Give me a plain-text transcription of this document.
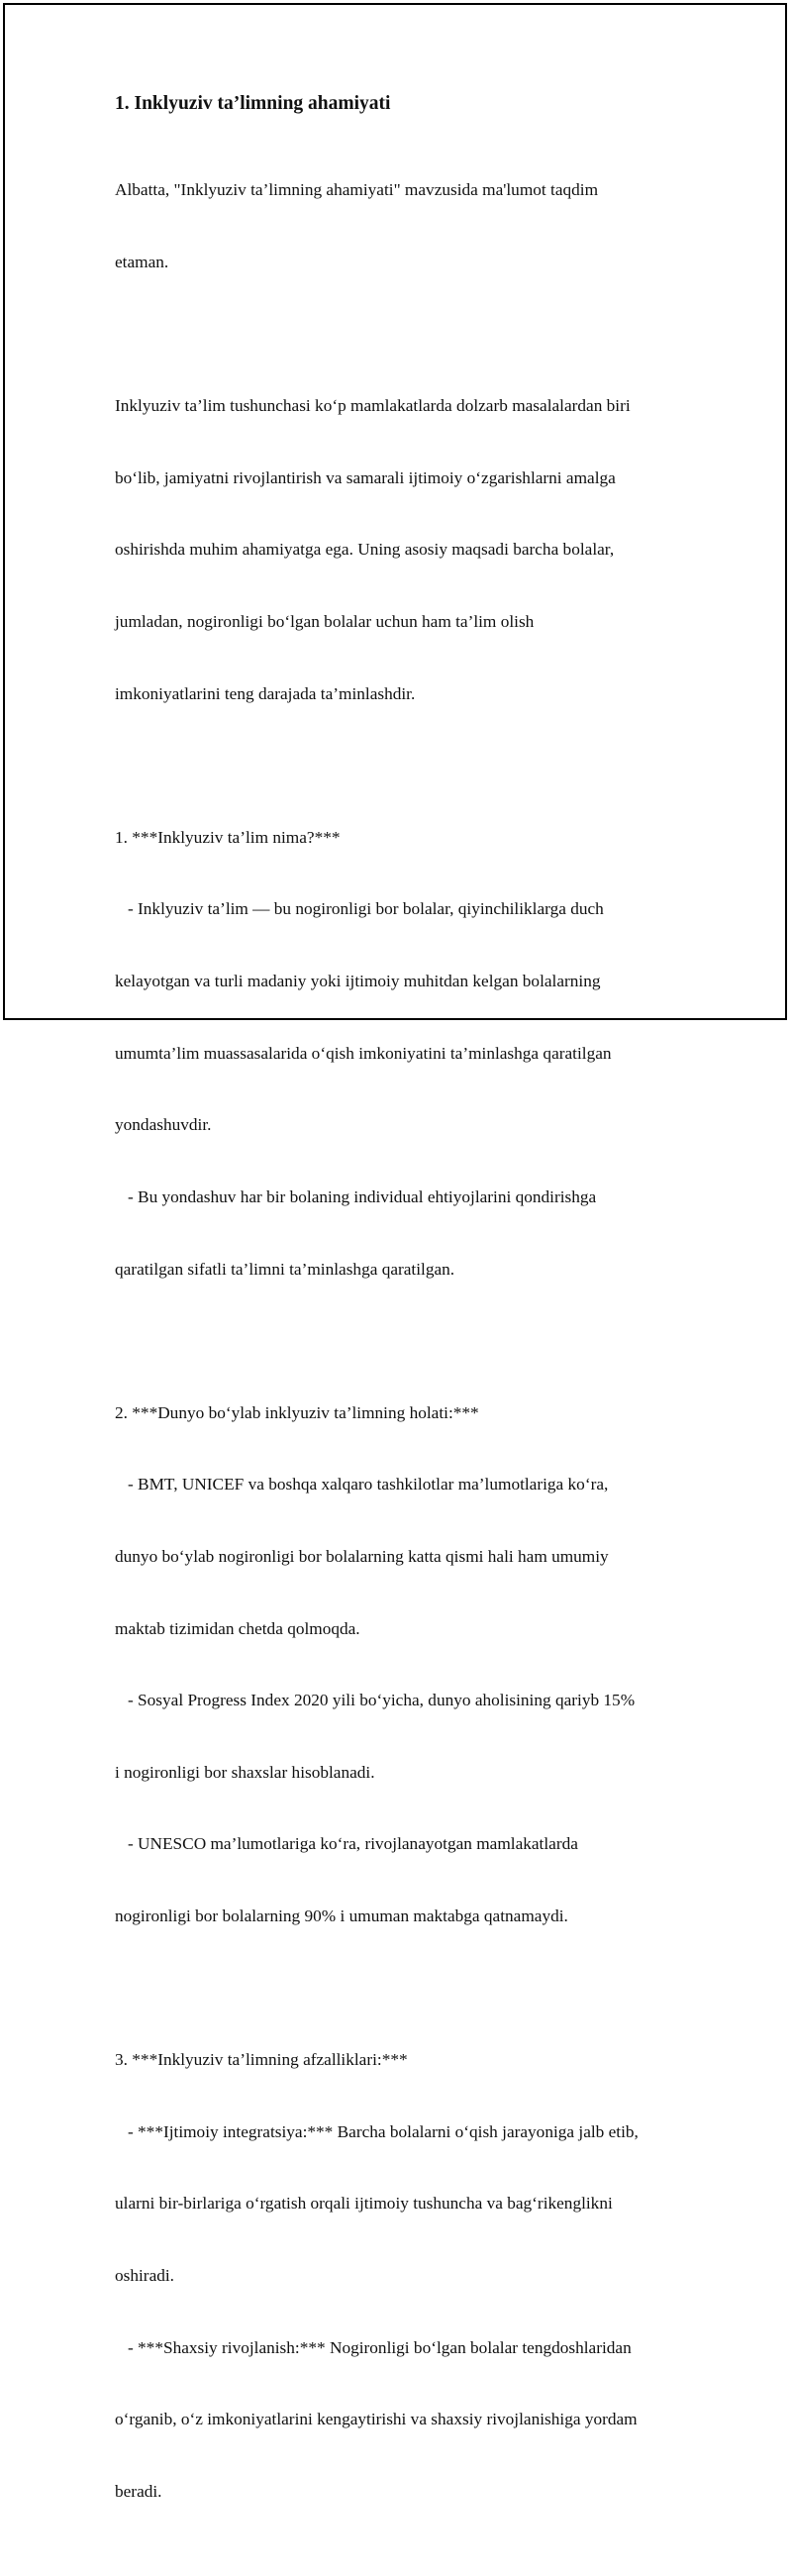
1. Inklyuziv ta’limning ahamiyati

Albatta, "Inklyuziv ta’limning ahamiyati" mavzusida ma'lumot taqdim

etaman.

Inklyuziv ta’lim tushunchasi ko‘p mamlakatlarda dolzarb masalalardan biri

bo‘lib, jamiyatni rivojlantirish va samarali ijtimoiy o‘zgarishlarni amalga

oshirishda muhim ahamiyatga ega. Uning asosiy maqsadi barcha bolalar,

jumladan, nogironligi bo‘lgan bolalar uchun ham ta’lim olish

imkoniyatlarini teng darajada ta’minlashdir.

1. ***Inklyuziv ta’lim nima?***

- Inklyuziv ta’lim — bu nogironligi bor bolalar, qiyinchiliklarga duch

kelayotgan va turli madaniy yoki ijtimoiy muhitdan kelgan bolalarning

umumta’lim muassasalarida o‘qish imkoniyatini ta’minlashga qaratilgan

yondashuvdir.

- Bu yondashuv har bir bolaning individual ehtiyojlarini qondirishga

qaratilgan sifatli ta’limni ta’minlashga qaratilgan.

2. ***Dunyo bo‘ylab inklyuziv ta’limning holati:***

- BMT, UNICEF va boshqa xalqaro tashkilotlar ma’lumotlariga ko‘ra,

dunyo bo‘ylab nogironligi bor bolalarning katta qismi hali ham umumiy

maktab tizimidan chetda qolmoqda.

- Sosyal Progress Index 2020 yili bo‘yicha, dunyo aholisining qariyb 15%

i nogironligi bor shaxslar hisoblanadi.

- UNESCO ma’lumotlariga ko‘ra, rivojlanayotgan mamlakatlarda

nogironligi bor bolalarning 90% i umuman maktabga qatnamaydi.

3. ***Inklyuziv ta’limning afzalliklari:***

- ***Ijtimoiy integratsiya:*** Barcha bolalarni o‘qish jarayoniga jalb etib,

ularni bir-birlariga o‘rgatish orqali ijtimoiy tushuncha va bag‘rikenglikni

oshiradi.

- ***Shaxsiy rivojlanish:*** Nogironligi bo‘lgan bolalar tengdoshlaridan

o‘rganib, o‘z imkoniyatlarini kengaytirishi va shaxsiy rivojlanishiga yordam

beradi.
